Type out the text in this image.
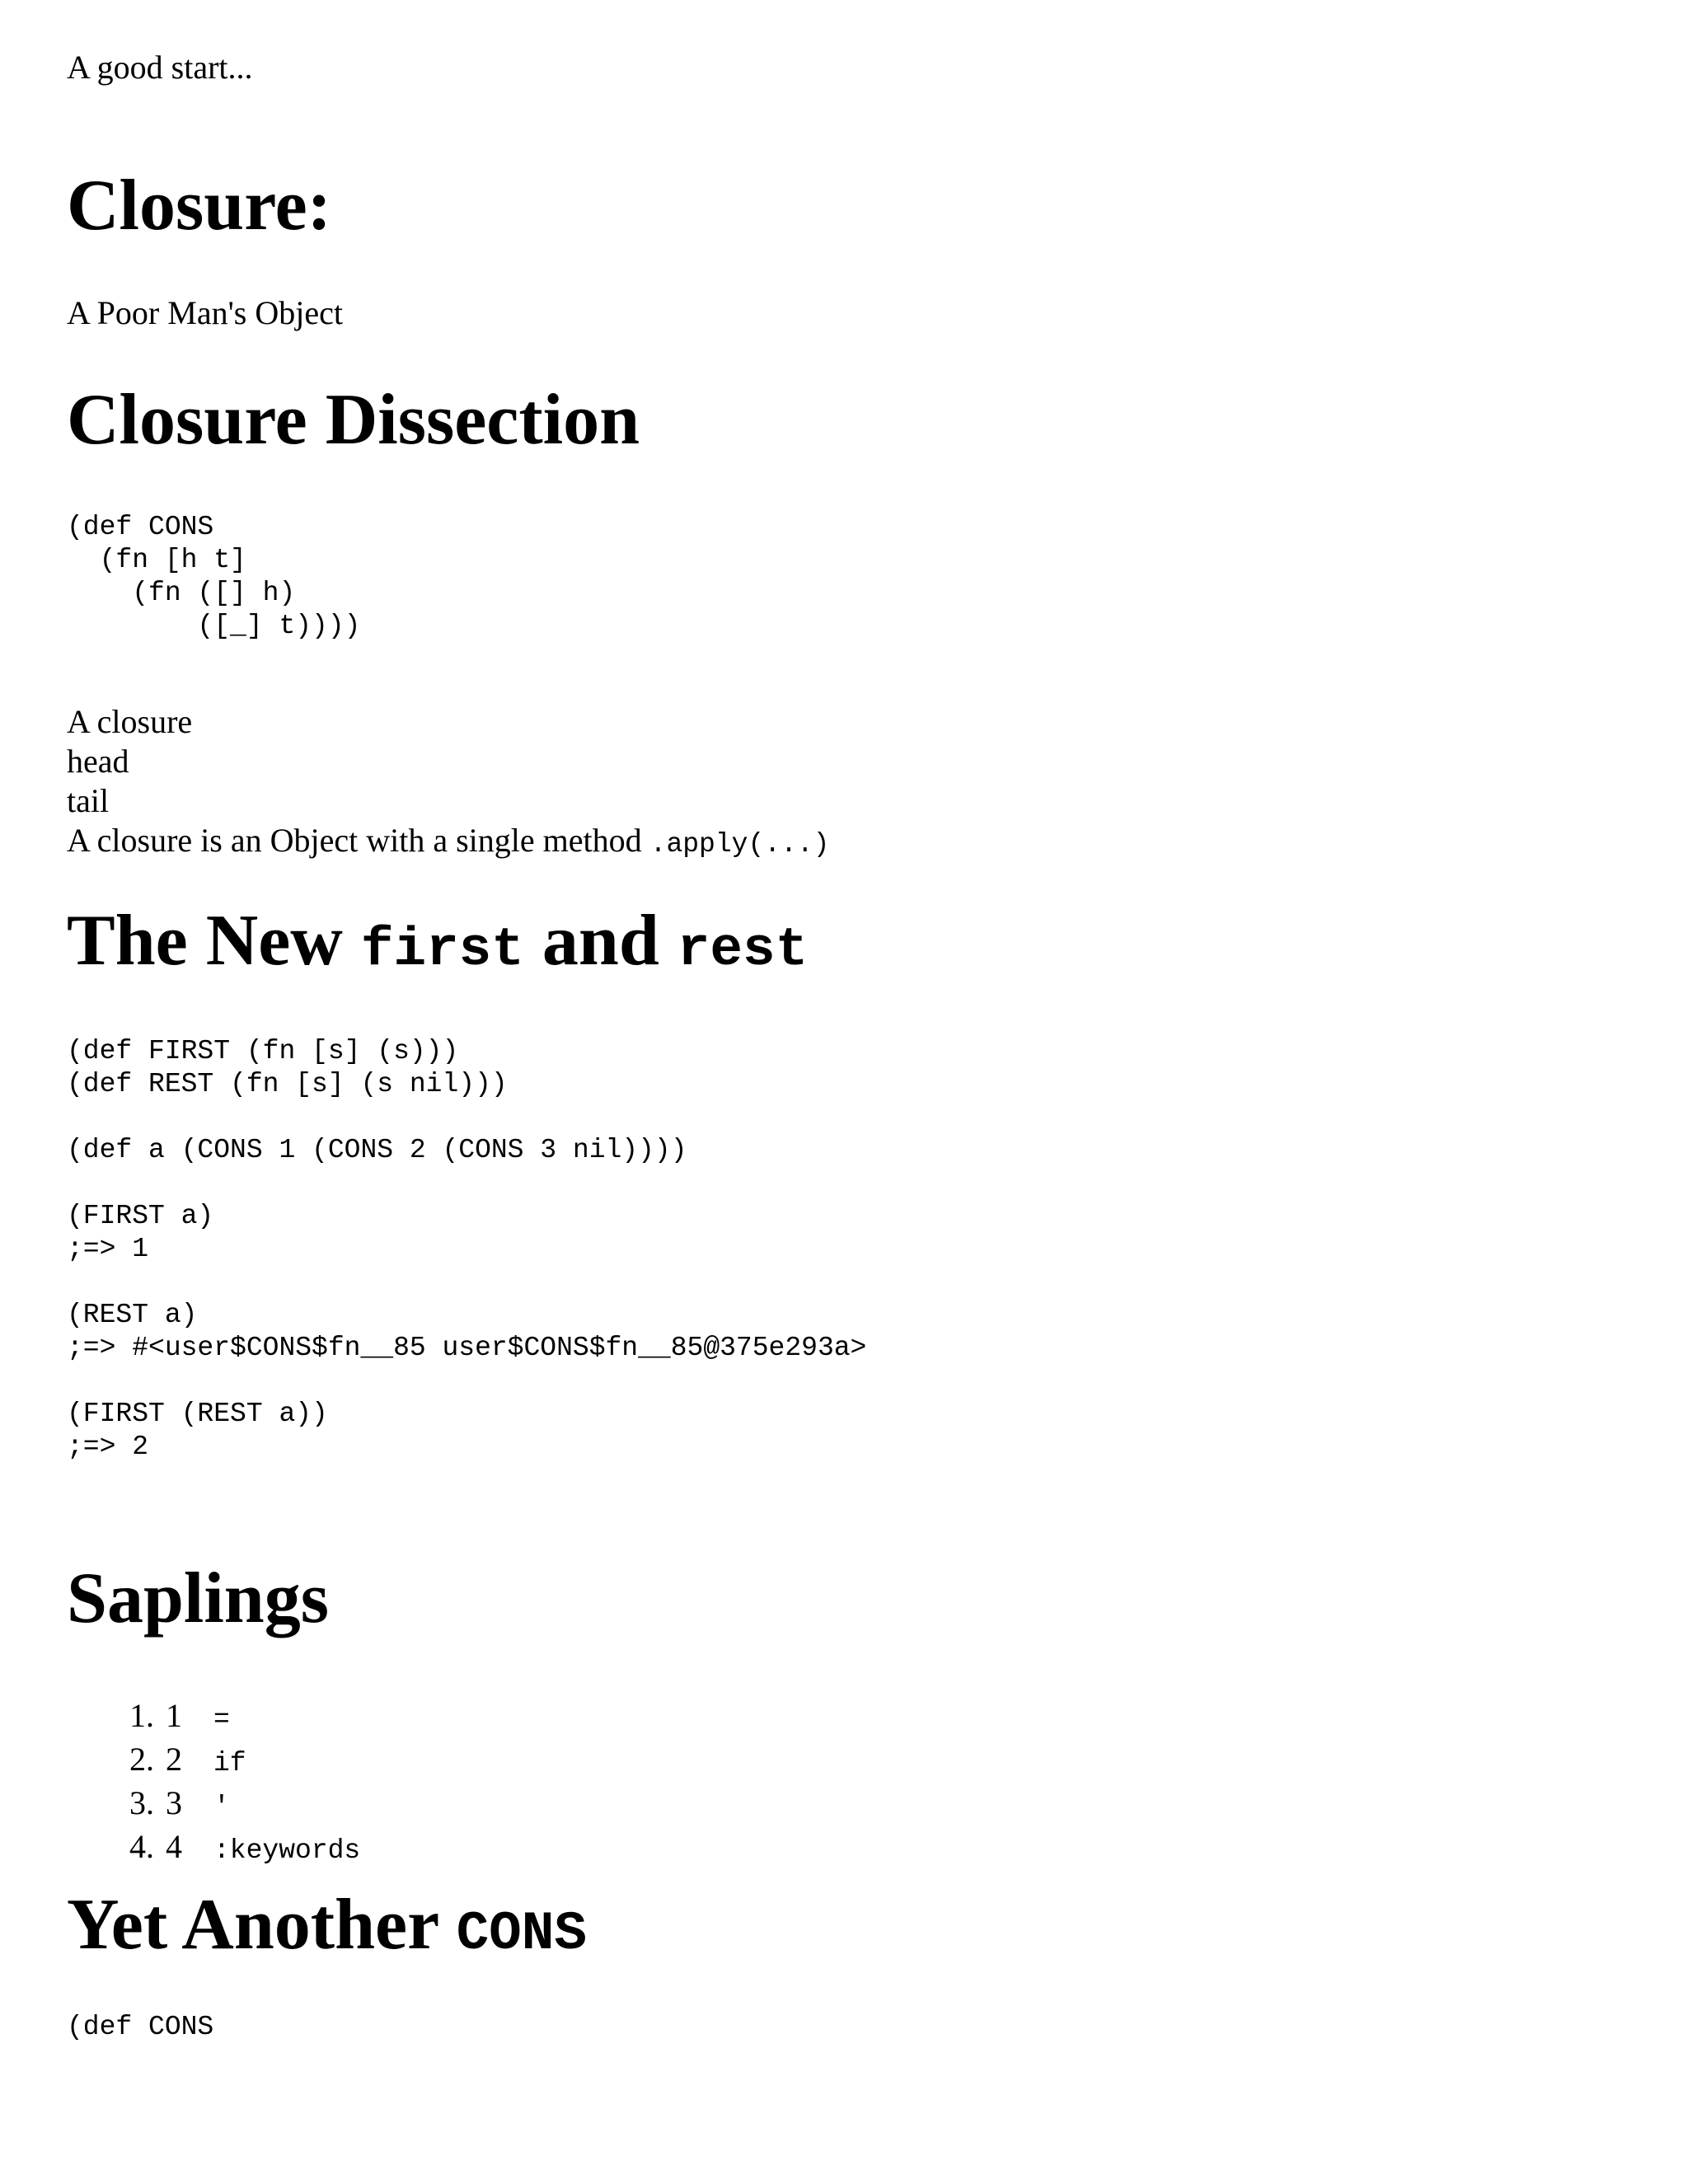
A good start...

Closure:

A Poor Man's Object

Closure Dissection
(def CONS
(fn [h t]
(fn ([] h)
([_] t))))

A closure

head

tail

A closure is an Object with a single method .apply(...)

The New first and rest
(def FIRST (fn [s] (s)))
(def REST (fn [s] (s nil)))

(def a (CONS 1 (CONS 2 (CONS 3 nil))))

(FIRST a)
;=> 1

(REST a)
;=> #<user$CONS$fn__85 user$CONS$fn__85@375e293a>

(FIRST (REST a))
;=> 2
Saplings
1. 1 =
2. 2 if
3. 3 '
4. 4 :keywords
Yet Another CONS
(def CONS
